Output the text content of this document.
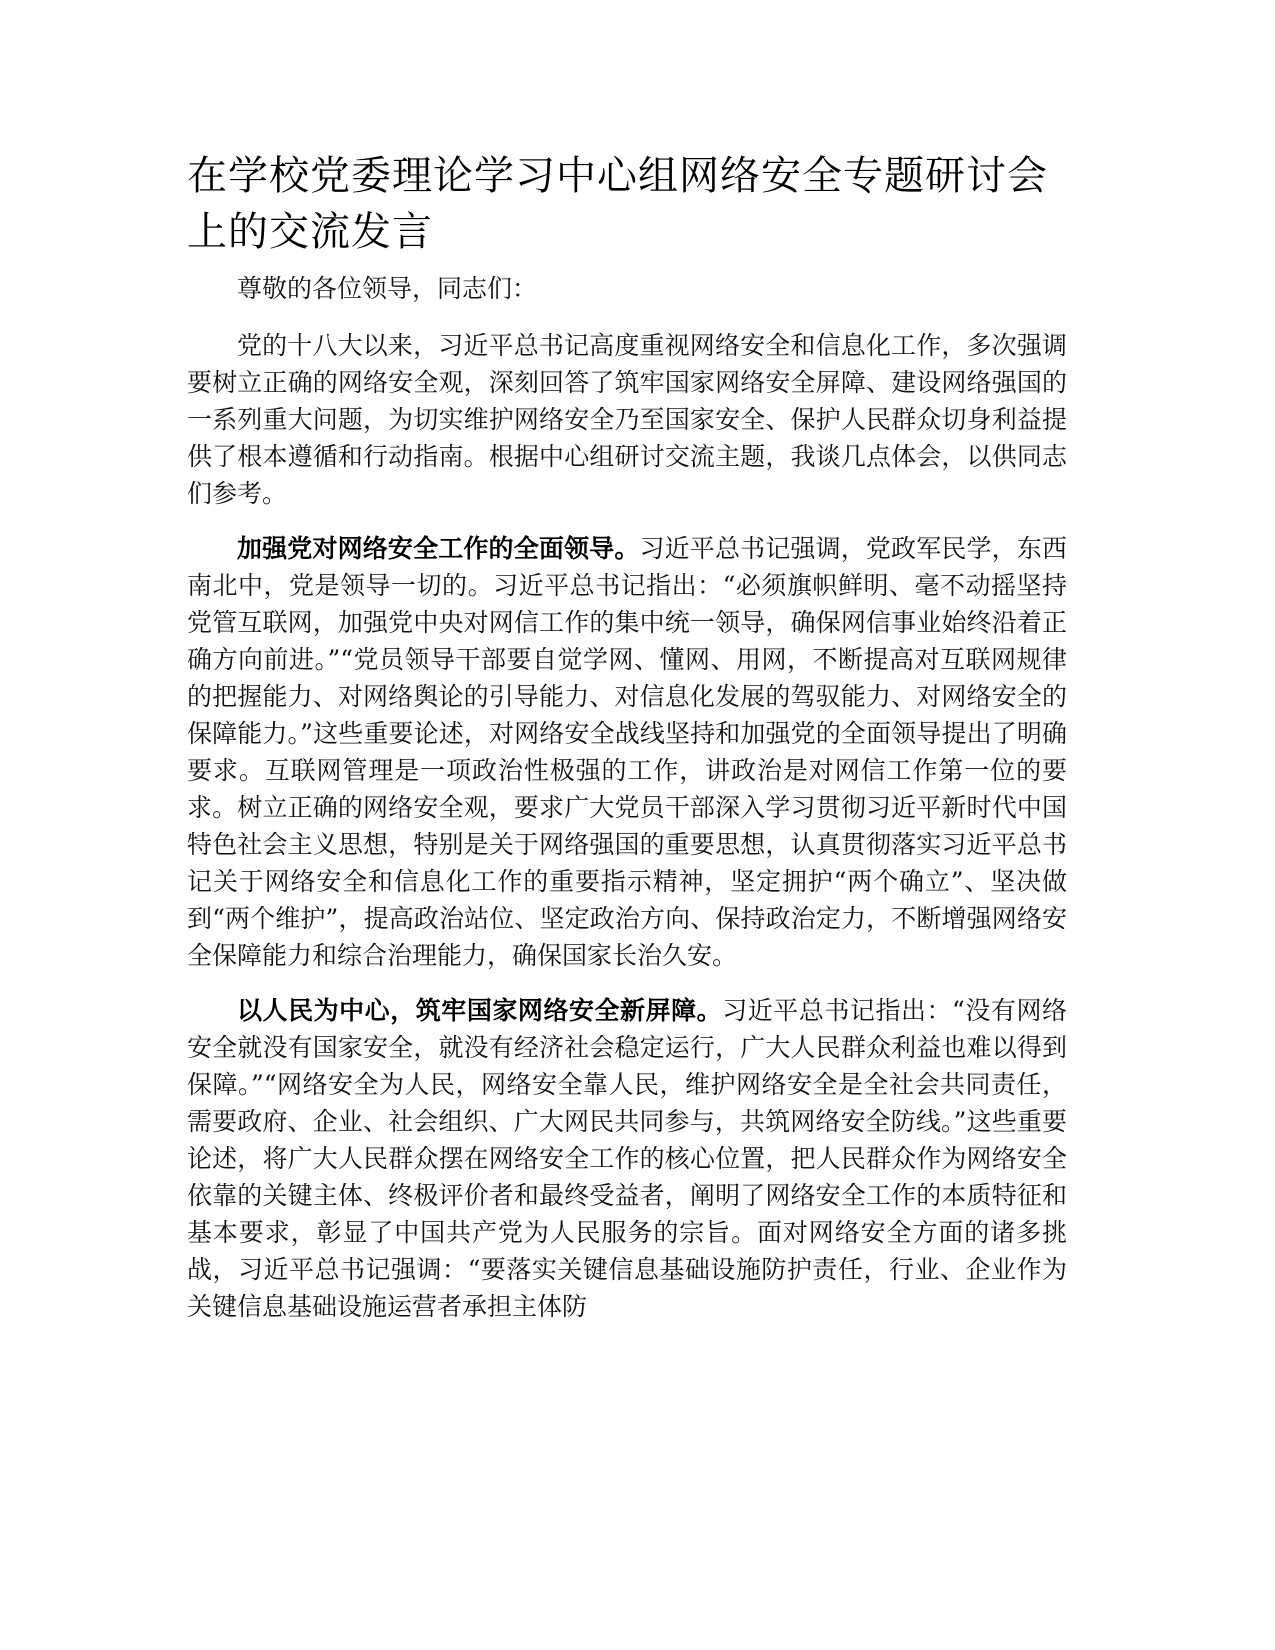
在学校党委理论学习中心组网络安全专题研讨会上的交流发言

尊敬的各位领导，同志们：

党的十八大以来，习近平总书记高度重视网络安全和信息化工作，多次强调要树立正确的网络安全观，深刻回答了筑牢国家网络安全屏障、建设网络强国的一系列重大问题，为切实维护网络安全乃至国家安全、保护人民群众切身利益提供了根本遵循和行动指南。根据中心组研讨交流主题，我谈几点体会，以供同志们参考。

加强党对网络安全工作的全面领导。习近平总书记强调，党政军民学，东西南北中，党是领导一切的。习近平总书记指出：“必须旗帜鲜明、毫不动摇坚持党管互联网，加强党中央对网信工作的集中统一领导，确保网信事业始终沿着正确方向前进。”“党员领导干部要自觉学网、懂网、用网，不断提高对互联网规律的把握能力、对网络舆论的引导能力、对信息化发展的驾驭能力、对网络安全的保障能力。”这些重要论述，对网络安全战线坚持和加强党的全面领导提出了明确要求。互联网管理是一项政治性极强的工作，讲政治是对网信工作第一位的要求。树立正确的网络安全观，要求广大党员干部深入学习贯彻习近平新时代中国特色社会主义思想，特别是关于网络强国的重要思想，认真贯彻落实习近平总书记关于网络安全和信息化工作的重要指示精神，坚定拥护“两个确立”、坚决做到“两个维护”，提高政治站位、坚定政治方向、保持政治定力，不断增强网络安全保障能力和综合治理能力，确保国家长治久安。

以人民为中心，筑牢国家网络安全新屏障。习近平总书记指出：“没有网络安全就没有国家安全，就没有经济社会稳定运行，广大人民群众利益也难以得到保障。”“网络安全为人民，网络安全靠人民，维护网络安全是全社会共同责任，需要政府、企业、社会组织、广大网民共同参与，共筑网络安全防线。”这些重要论述，将广大人民群众摆在网络安全工作的核心位置，把人民群众作为网络安全依靠的关键主体、终极评价者和最终受益者，阐明了网络安全工作的本质特征和基本要求，彰显了中国共产党为人民服务的宗旨。面对网络安全方面的诸多挑战，习近平总书记强调：“要落实关键信息基础设施防护责任，行业、企业作为关键信息基础设施运营者承担主体防
